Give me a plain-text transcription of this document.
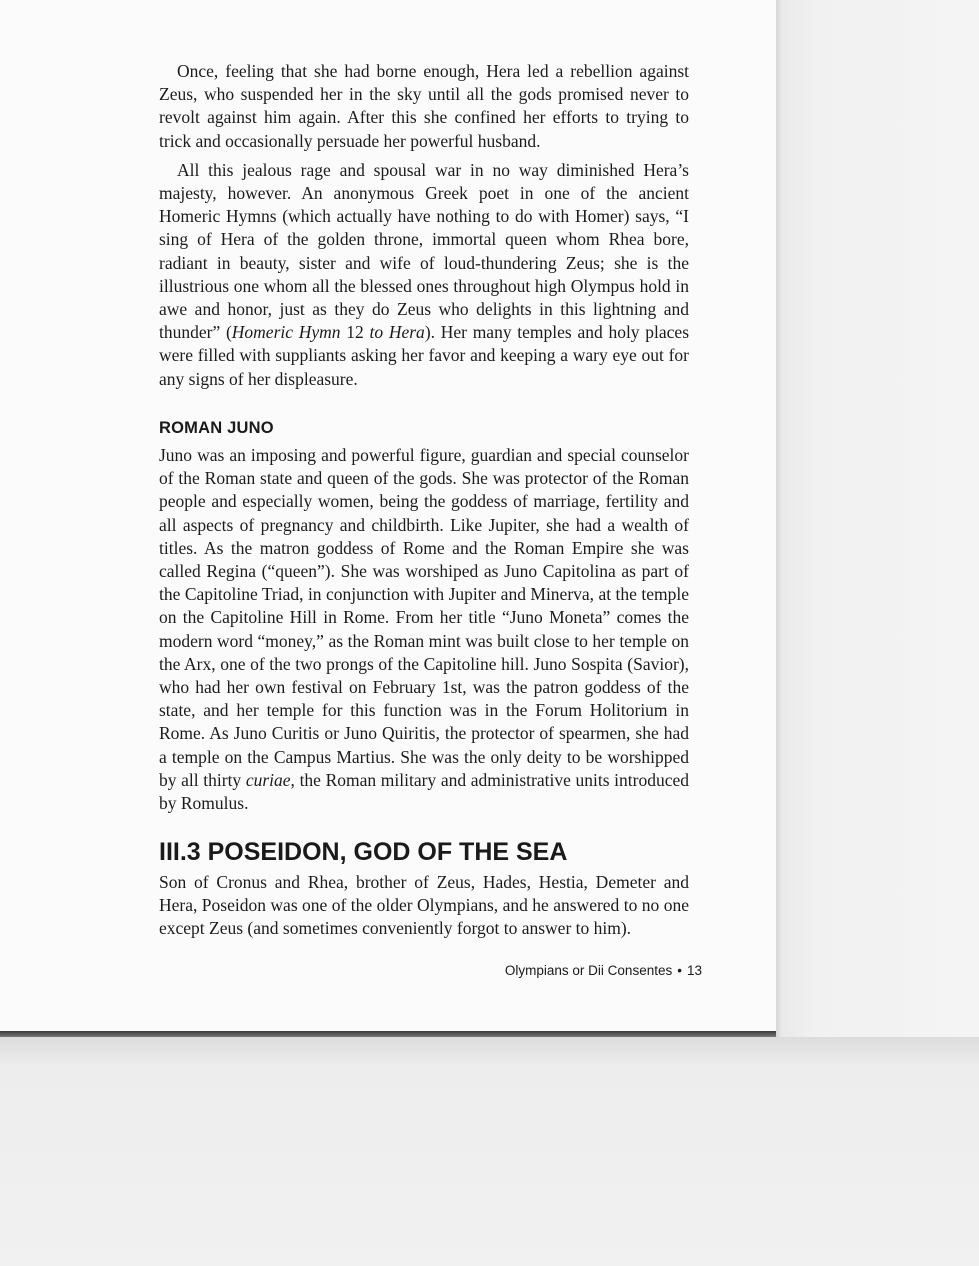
Once, feeling that she had borne enough, Hera led a rebellion against Zeus, who suspended her in the sky until all the gods promised never to revolt against him again. After this she confined her efforts to trying to trick and occasionally persuade her powerful husband.

All this jealous rage and spousal war in no way diminished Hera’s majesty, however. An anonymous Greek poet in one of the ancient Homeric Hymns (which actually have nothing to do with Homer) says, “I sing of Hera of the golden throne, immortal queen whom Rhea bore, radiant in beauty, sister and wife of loud-thundering Zeus; she is the illustrious one whom all the blessed ones throughout high Olympus hold in awe and honor, just as they do Zeus who delights in this lightning and thunder” (Homeric Hymn 12 to Hera). Her many temples and holy places were filled with suppliants asking her favor and keeping a wary eye out for any signs of her displeasure.

ROMAN JUNO

Juno was an imposing and powerful figure, guardian and special counselor of the Roman state and queen of the gods. She was protector of the Roman people and especially women, being the goddess of marriage, fertility and all aspects of pregnancy and childbirth. Like Jupiter, she had a wealth of titles. As the matron goddess of Rome and the Roman Empire she was called Regina (“queen”). She was worshiped as Juno Capitolina as part of the Capitoline Triad, in conjunction with Jupiter and Minerva, at the temple on the Capitoline Hill in Rome. From her title “Juno Moneta” comes the modern word “money,” as the Roman mint was built close to her temple on the Arx, one of the two prongs of the Capitoline hill. Juno Sospita (Savior), who had her own festival on February 1st, was the patron goddess of the state, and her temple for this function was in the Forum Holitorium in Rome. As Juno Curitis or Juno Quiritis, the protector of spearmen, she had a temple on the Campus Martius. She was the only deity to be worshipped by all thirty curiae, the Roman military and administrative units introduced by Romulus.

III.3 POSEIDON, GOD OF THE SEA

Son of Cronus and Rhea, brother of Zeus, Hades, Hestia, Demeter and Hera, Poseidon was one of the older Olympians, and he answered to no one except Zeus (and sometimes conveniently forgot to answer to him).

Olympians or Dii Consentes • 13
